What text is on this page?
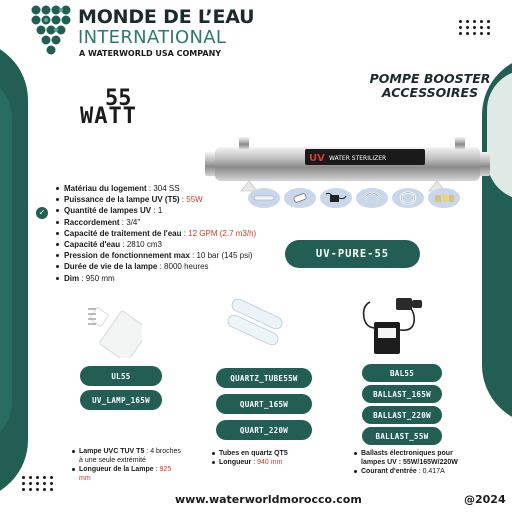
MONDE DE L’EAU
INTERNATIONAL
A WATERWORLD USA COMPANY
55
WATT
POMPE BOOSTER
ACCESSOIRES
UV WATER STERILIZER
✓
Matériau du logement : 304 SS
Puissance de la lampe UV (T5) : 55W
Quantité de lampes UV : 1
Raccordement : 3/4"
Capacité de traitement de l'eau : 12 GPM (2.7 m3/h)
Capacité d'eau : 2810 cm3
Pression de fonctionnement max : 10 bar (145 psi)
Durée de vie de la lampe : 8000 heures
Dim : 950 mm
UV-PURE-55
UL55
UV_LAMP_165W
QUARTZ_TUBE55W
QUART_165W
QUART_220W
BAL55
BALLAST_165W
BALLAST_220W
BALLAST_55W
Lampe UVC TUV T5 : 4 broches à une seule extrémité
Longueur de la Lampe : 925 mm
Tubes en quartz QT5
Longueur : 940 mm
Ballasts électroniques pour lampes UV : 55W/165W/220W
Courant d'entrée : 0.417A
www.waterworldmorocco.com	@2024
